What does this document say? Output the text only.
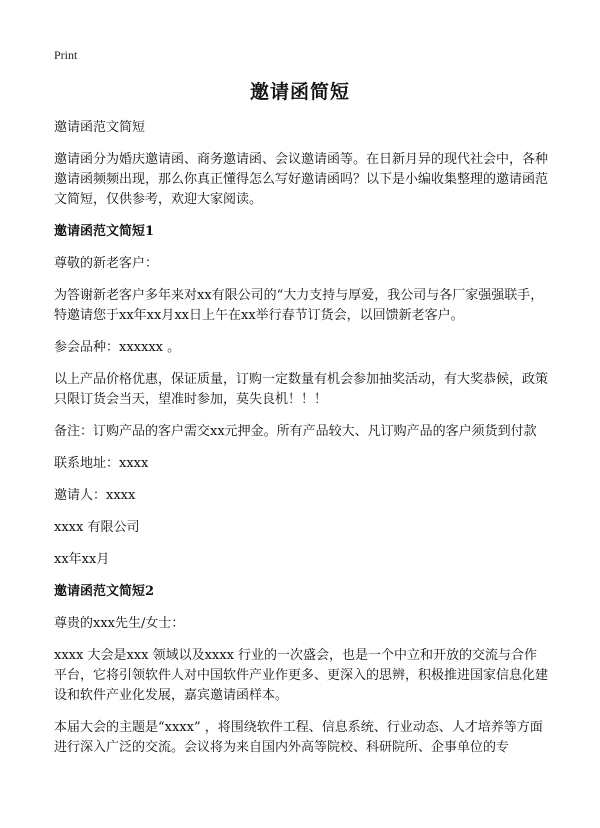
Print
邀请函简短

邀请函范文简短

邀请函分为婚庆邀请函、商务邀请函、会议邀请函等。在日新月异的现代社会中，各种邀请函频频出现，那么你真正懂得怎么写好邀请函吗？以下是小编收集整理的邀请函范文简短，仅供参考，欢迎大家阅读。

邀请函范文简短1

尊敬的新老客户：

为答谢新老客户多年来对xx有限公司的“大力支持与厚爱，我公司与各厂家强强联手，特邀请您于xx年xx月xx日上午在xx举行春节订货会，以回馈新老客户。

参会品种：xxxxxx 。

以上产品价格优惠，保证质量，订购一定数量有机会参加抽奖活动，有大奖恭候，政策只限订货会当天，望准时参加，莫失良机！！！

备注：订购产品的客户需交xx元押金。所有产品较大、凡订购产品的客户须货到付款

联系地址：xxxx

邀请人：xxxx

xxxx 有限公司

xx年xx月

邀请函范文简短2

尊贵的xxx先生/女士：

xxxx 大会是xxx 领域以及xxxx 行业的一次盛会，也是一个中立和开放的交流与合作平台，它将引领软件人对中国软件产业作更多、更深入的思辨，积极推进国家信息化建设和软件产业化发展，嘉宾邀请函样本。

本届大会的主题是“xxxx” ，将围绕软件工程、信息系统、行业动态、人才培养等方面进行深入广泛的交流。会议将为来自国内外高等院校、科研院所、企事单位的专
